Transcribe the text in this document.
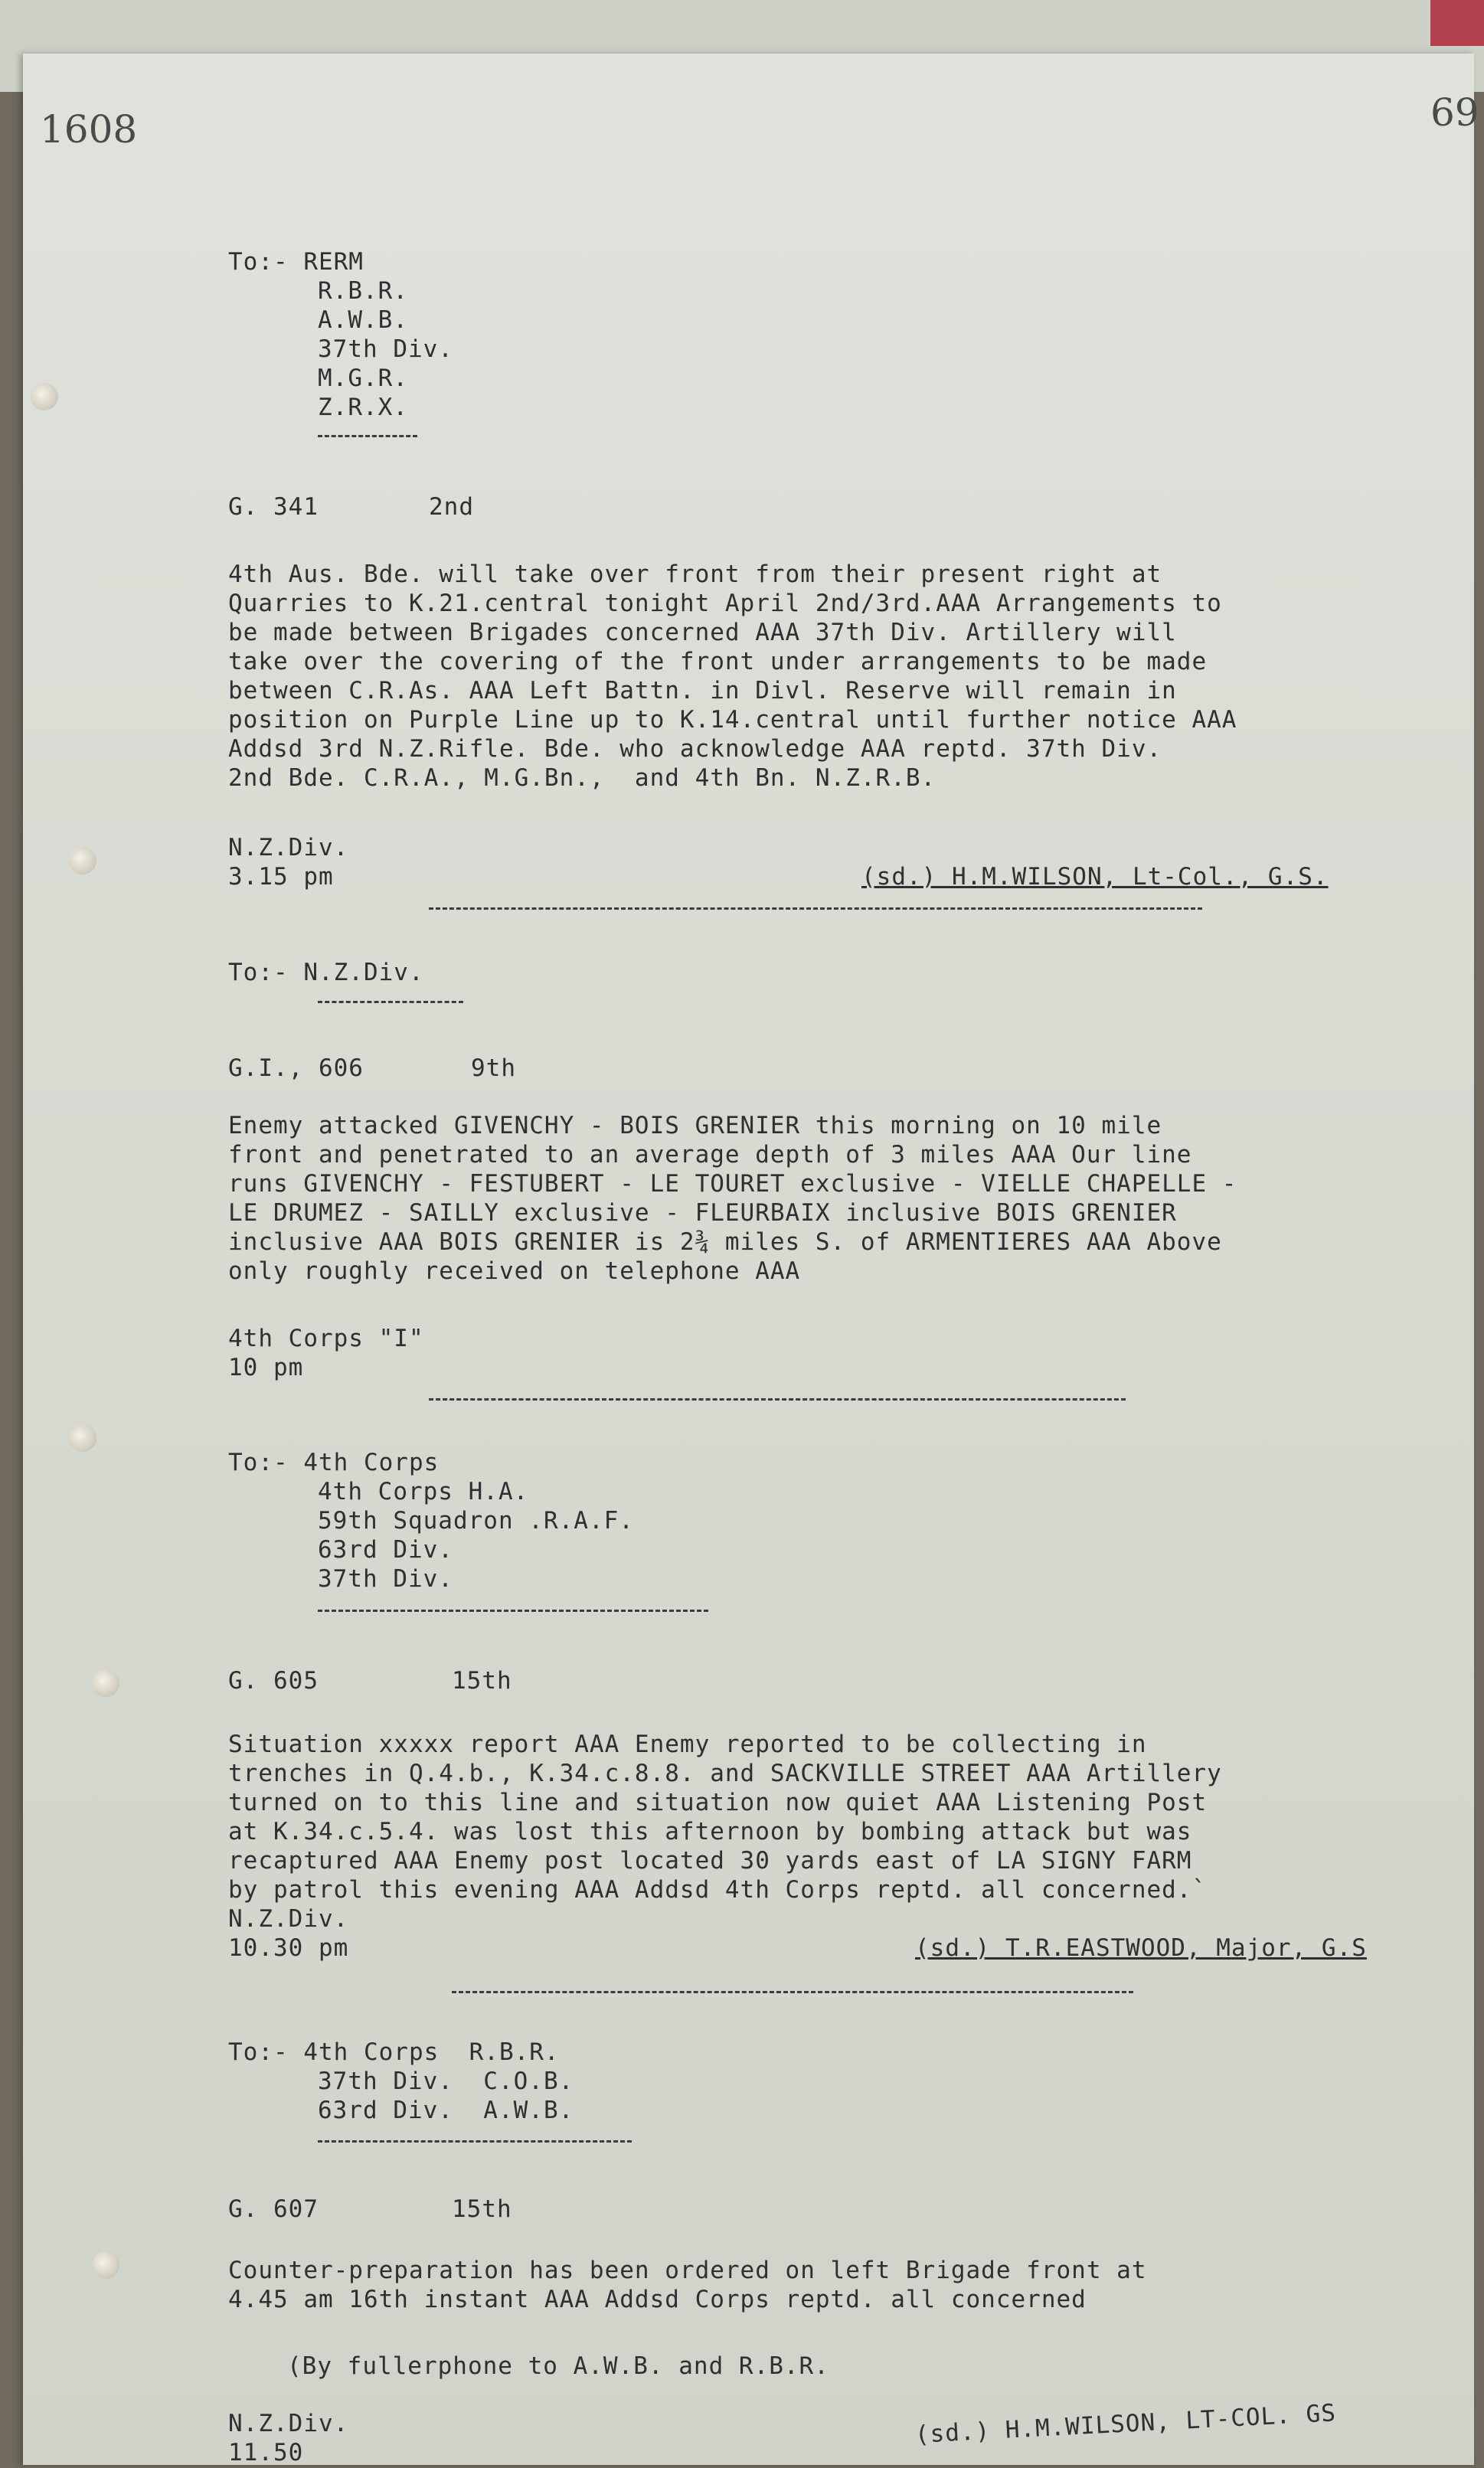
1608	69
To:- RERM
R.B.R.
A.W.B.
37th Div.
M.G.R.
Z.R.X.
G. 341	2nd
4th Aus. Bde. will take over front from their present right at
Quarries to K.21.central tonight April 2nd/3rd.AAA Arrangements to
be made between Brigades concerned AAA 37th Div. Artillery will
take over the covering of the front under arrangements to be made
between C.R.As. AAA Left Battn. in Divl. Reserve will remain in
position on Purple Line up to K.14.central until further notice AAA
Addsd 3rd N.Z.Rifle. Bde. who acknowledge AAA reptd. 37th Div.
2nd Bde. C.R.A., M.G.Bn.,  and 4th Bn. N.Z.R.B.
N.Z.Div.
3.15 pm	(sd.) H.M.WILSON, Lt-Col., G.S.
To:- N.Z.Div.
G.I., 606	9th
Enemy attacked GIVENCHY - BOIS GRENIER this morning on 10 mile
front and penetrated to an average depth of 3 miles AAA Our line
runs GIVENCHY - FESTUBERT - LE TOURET exclusive - VIELLE CHAPELLE -
LE DRUMEZ - SAILLY exclusive - FLEURBAIX inclusive BOIS GRENIER
inclusive AAA BOIS GRENIER is 2¾ miles S. of ARMENTIERES AAA Above
only roughly received on telephone AAA
4th Corps "I"
10 pm
To:- 4th Corps
4th Corps H.A.
59th Squadron .R.A.F.
63rd Div.
37th Div.
G. 605	15th
Situation xxxxx report AAA Enemy reported to be collecting in
trenches in Q.4.b., K.34.c.8.8. and SACKVILLE STREET AAA Artillery
turned on to this line and situation now quiet AAA Listening Post
at K.34.c.5.4. was lost this afternoon by bombing attack but was
recaptured AAA Enemy post located 30 yards east of LA SIGNY FARM
by patrol this evening AAA Addsd 4th Corps reptd. all concerned.`
N.Z.Div.
10.30 pm	(sd.) T.R.EASTWOOD, Major, G.S
To:- 4th Corps  R.B.R.
37th Div.  C.O.B.
63rd Div.  A.W.B.
G. 607	15th
Counter-preparation has been ordered on left Brigade front at
4.45 am 16th instant AAA Addsd Corps reptd. all concerned
(By fullerphone to A.W.B. and R.B.R.
N.Z.Div.
11.50
(sd.) H.M.WILSON, LT-COL. GS
